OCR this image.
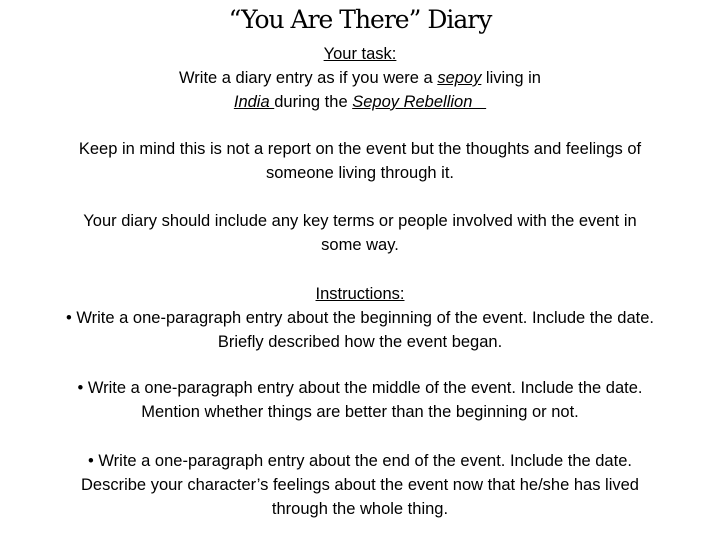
“You Are There” Diary
Your task:
Write a diary entry as if you were a sepoy living in
India during the Sepoy Rebellion
Keep in mind this is not a report on the event but the thoughts and feelings of
someone living through it.
Your diary should include any key terms or people involved with the event in
some way.
Instructions:
• Write a one-paragraph entry about the beginning of the event. Include the date.
Briefly described how the event began.
• Write a one-paragraph entry about the middle of the event. Include the date.
Mention whether things are better than the beginning or not.
• Write a one-paragraph entry about the end of the event. Include the date.
Describe your character’s feelings about the event now that he/she has lived
through the whole thing.
